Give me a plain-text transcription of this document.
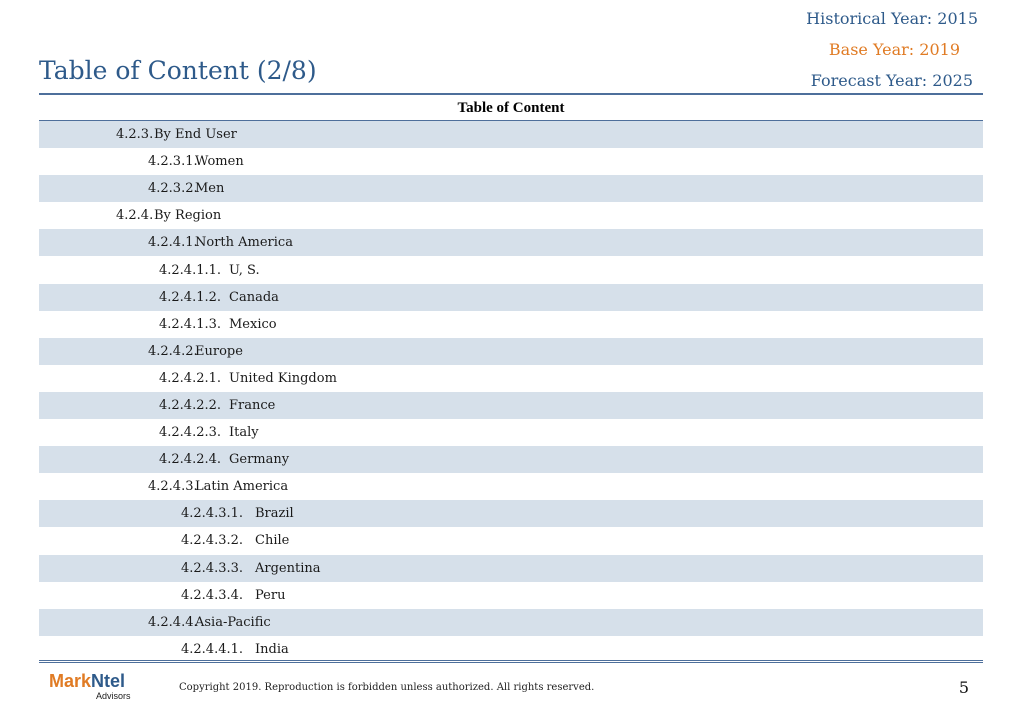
Historical Year: 2015
Base Year: 2019
Forecast Year: 2025
Table of Content (2/8)
Table of Content
4.2.3. By End User
4.2.3.1.
Women
4.2.3.2.
Men
4.2.4. By Region
4.2.4.1.
North America
4.2.4.1.1. U, S.
4.2.4.1.2. Canada
4.2.4.1.3. Mexico
4.2.4.2.
Europe
4.2.4.2.1. United Kingdom
4.2.4.2.2. France
4.2.4.2.3. Italy
4.2.4.2.4. Germany
4.2.4.3.
Latin America
4.2.4.3.1. Brazil
4.2.4.3.2. Chile
4.2.4.3.3. Argentina
4.2.4.3.4. Peru
4.2.4.4.
Asia-Pacific
4.2.4.4.1. India
MarkNtel
Advisors
Copyright 2019. Reproduction is forbidden unless authorized. All rights reserved.	5
